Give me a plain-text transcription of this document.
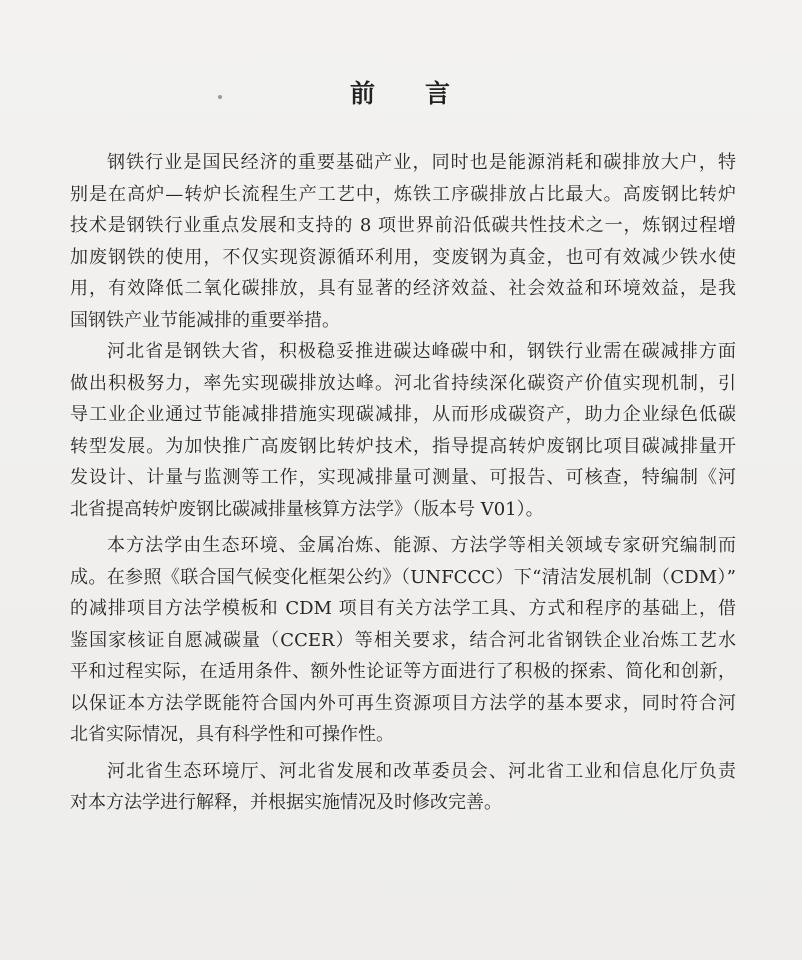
前 言
钢铁行业是国民经济的重要基础产业，同时也是能源消耗和碳排放大户，特
别是在高炉—转炉长流程生产工艺中，炼铁工序碳排放占比最大。高废钢比转炉
技术是钢铁行业重点发展和支持的 8 项世界前沿低碳共性技术之一，炼钢过程增
加废钢铁的使用，不仅实现资源循环利用，变废钢为真金，也可有效减少铁水使
用，有效降低二氧化碳排放，具有显著的经济效益、社会效益和环境效益，是我
国钢铁产业节能减排的重要举措。
河北省是钢铁大省，积极稳妥推进碳达峰碳中和，钢铁行业需在碳减排方面
做出积极努力，率先实现碳排放达峰。河北省持续深化碳资产价值实现机制，引
导工业企业通过节能减排措施实现碳减排，从而形成碳资产，助力企业绿色低碳
转型发展。为加快推广高废钢比转炉技术，指导提高转炉废钢比项目碳减排量开
发设计、计量与监测等工作，实现减排量可测量、可报告、可核查，特编制《河
北省提高转炉废钢比碳减排量核算方法学》（版本号 V01）。
本方法学由生态环境、金属冶炼、能源、方法学等相关领域专家研究编制而
成。在参照《联合国气候变化框架公约》（UNFCCC）下“清洁发展机制（CDM）”
的减排项目方法学模板和 CDM 项目有关方法学工具、方式和程序的基础上，借
鉴国家核证自愿减碳量（CCER）等相关要求，结合河北省钢铁企业冶炼工艺水
平和过程实际，在适用条件、额外性论证等方面进行了积极的探索、简化和创新，
以保证本方法学既能符合国内外可再生资源项目方法学的基本要求，同时符合河
北省实际情况，具有科学性和可操作性。
河北省生态环境厅、河北省发展和改革委员会、河北省工业和信息化厅负责
对本方法学进行解释，并根据实施情况及时修改完善。
